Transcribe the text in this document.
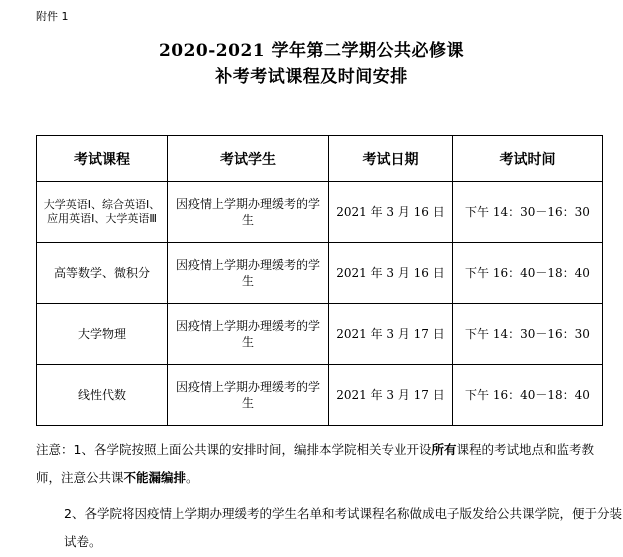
附件 1
2020-2021 学年第二学期公共必修课
补考考试课程及时间安排
考试课程	考试学生	考试日期	考试时间
大学英语Ⅰ、综合英语Ⅰ、应用英语Ⅰ、大学英语Ⅲ	因疫情上学期办理缓考的学生	2021 年 3 月 16 日	下午 14：30－16：30
高等数学、微积分	因疫情上学期办理缓考的学生	2021 年 3 月 16 日	下午 16：40－18：40
大学物理	因疫情上学期办理缓考的学生	2021 年 3 月 17 日	下午 14：30－16：30
线性代数	因疫情上学期办理缓考的学生	2021 年 3 月 17 日	下午 16：40－18：40
注意：1、各学院按照上面公共课的安排时间，编排本学院相关专业开设所有课程的考试地点和监考教师，注意公共课不能漏编排。
2、各学院将因疫情上学期办理缓考的学生名单和考试课程名称做成电子版发给公共课学院，便于分装试卷。
